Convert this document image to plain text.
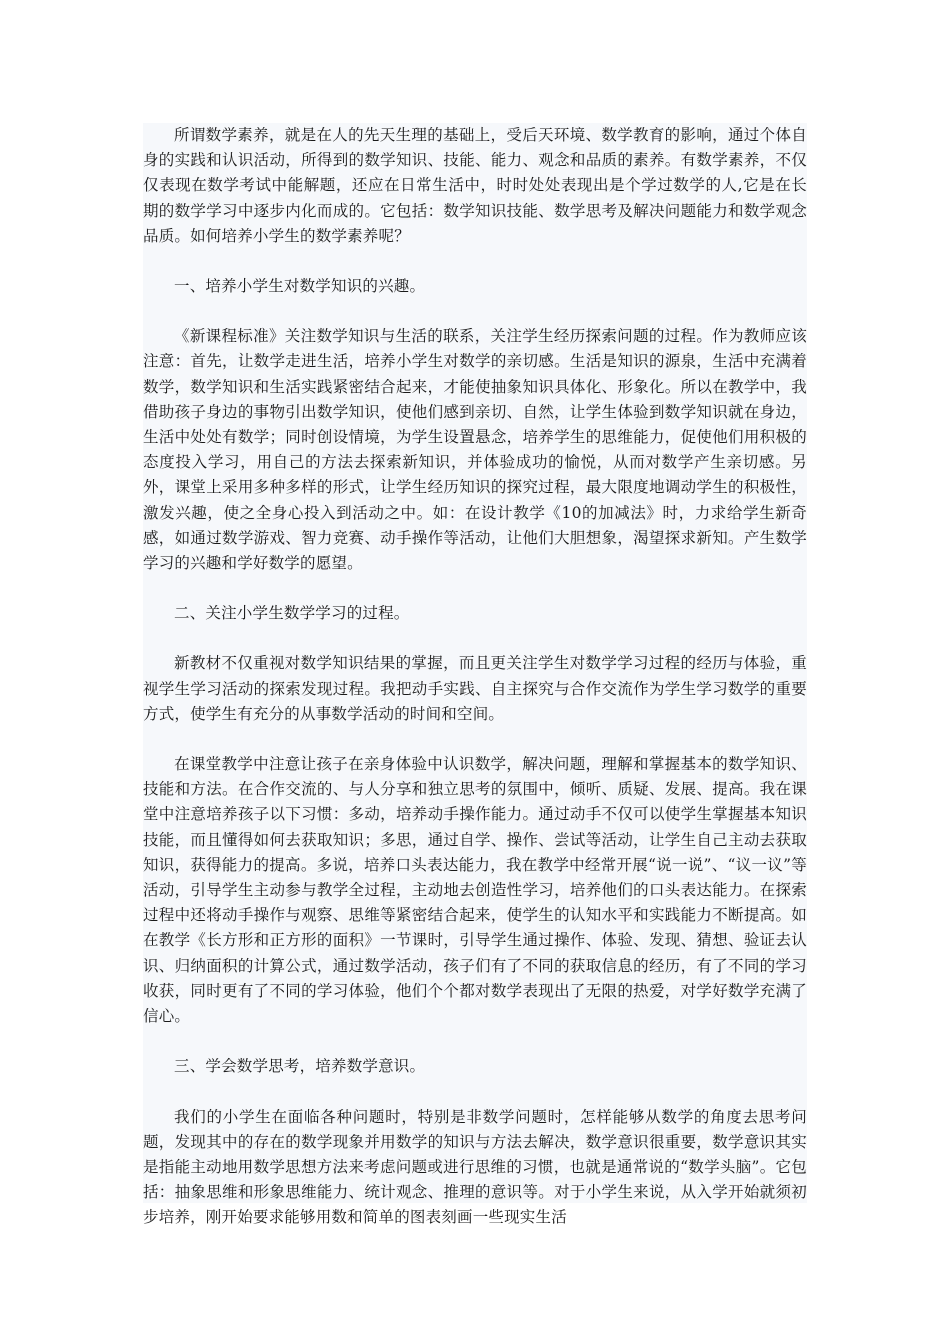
所谓数学素养，就是在人的先天生理的基础上，受后天环境、数学教育的影响，通过个体自身的实践和认识活动，所得到的数学知识、技能、能力、观念和品质的素养。有数学素养，不仅仅表现在数学考试中能解题，还应在日常生活中，时时处处表现出是个学过数学的人,它是在长期的数学学习中逐步内化而成的。它包括：数学知识技能、数学思考及解决问题能力和数学观念品质。如何培养小学生的数学素养呢？

一、培养小学生对数学知识的兴趣。

《新课程标准》关注数学知识与生活的联系，关注学生经历探索问题的过程。作为教师应该注意：首先，让数学走进生活，培养小学生对数学的亲切感。生活是知识的源泉，生活中充满着数学，数学知识和生活实践紧密结合起来，才能使抽象知识具体化、形象化。所以在教学中，我借助孩子身边的事物引出数学知识，使他们感到亲切、自然，让学生体验到数学知识就在身边，生活中处处有数学；同时创设情境，为学生设置悬念，培养学生的思维能力，促使他们用积极的态度投入学习，用自己的方法去探索新知识，并体验成功的愉悦，从而对数学产生亲切感。另外，课堂上采用多种多样的形式，让学生经历知识的探究过程，最大限度地调动学生的积极性，激发兴趣，使之全身心投入到活动之中。如：在设计教学《10的加减法》时，力求给学生新奇感，如通过数学游戏、智力竞赛、动手操作等活动，让他们大胆想象，渴望探求新知。产生数学学习的兴趣和学好数学的愿望。

二、关注小学生数学学习的过程。

新教材不仅重视对数学知识结果的掌握，而且更关注学生对数学学习过程的经历与体验，重视学生学习活动的探索发现过程。我把动手实践、自主探究与合作交流作为学生学习数学的重要方式，使学生有充分的从事数学活动的时间和空间。

在课堂教学中注意让孩子在亲身体验中认识数学，解决问题，理解和掌握基本的数学知识、技能和方法。在合作交流的、与人分享和独立思考的氛围中，倾听、质疑、发展、提高。我在课堂中注意培养孩子以下习惯：多动，培养动手操作能力。通过动手不仅可以使学生掌握基本知识技能，而且懂得如何去获取知识；多思，通过自学、操作、尝试等活动，让学生自己主动去获取知识，获得能力的提高。多说，培养口头表达能力，我在教学中经常开展“说一说”、“议一议”等活动，引导学生主动参与教学全过程，主动地去创造性学习，培养他们的口头表达能力。在探索过程中还将动手操作与观察、思维等紧密结合起来，使学生的认知水平和实践能力不断提高。如在教学《长方形和正方形的面积》一节课时，引导学生通过操作、体验、发现、猜想、验证去认识、归纳面积的计算公式，通过数学活动，孩子们有了不同的获取信息的经历，有了不同的学习收获，同时更有了不同的学习体验，他们个个都对数学表现出了无限的热爱，对学好数学充满了信心。

三、学会数学思考，培养数学意识。

我们的小学生在面临各种问题时，特别是非数学问题时，怎样能够从数学的角度去思考问题，发现其中的存在的数学现象并用数学的知识与方法去解决，数学意识很重要，数学意识其实是指能主动地用数学思想方法来考虑问题或进行思维的习惯，也就是通常说的“数学头脑”。它包括：抽象思维和形象思维能力、统计观念、推理的意识等。对于小学生来说，从入学开始就须初步培养，刚开始要求能够用数和简单的图表刻画一些现实生活
